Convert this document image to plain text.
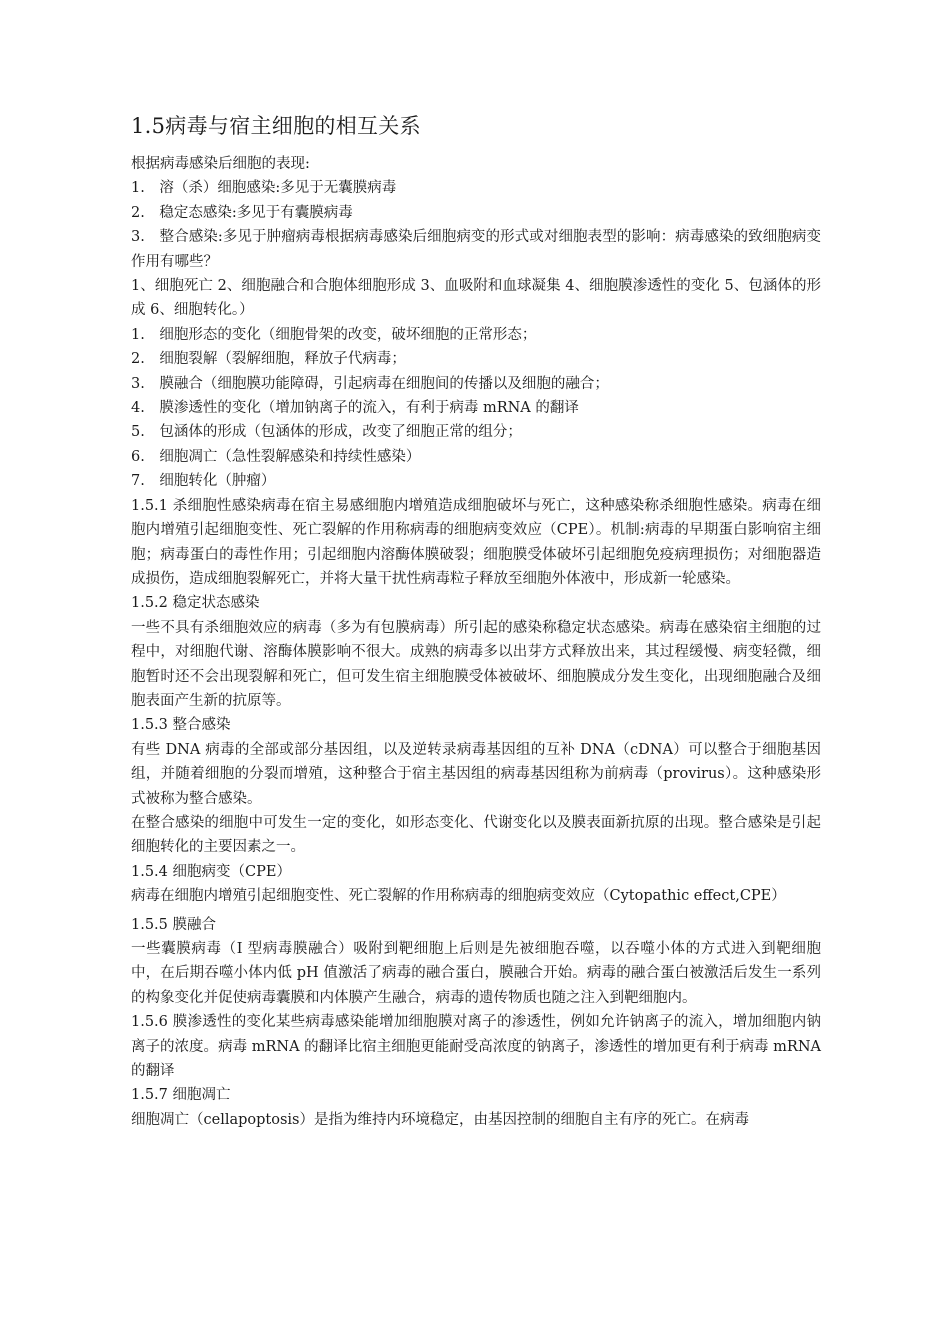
1.5病毒与宿主细胞的相互关系

根据病毒感染后细胞的表现:

1.　溶（杀）细胞感染:多见于无囊膜病毒

2.　稳定态感染:多见于有囊膜病毒

3.　整合感染:多见于肿瘤病毒根据病毒感染后细胞病变的形式或对细胞表型的影响：病毒感染的致细胞病变作用有哪些？

1、细胞死亡 2、细胞融合和合胞体细胞形成 3、血吸附和血球凝集 4、细胞膜渗透性的变化 5、包涵体的形成 6、细胞转化。）

1.　细胞形态的变化（细胞骨架的改变，破坏细胞的正常形态；

2.　细胞裂解（裂解细胞，释放子代病毒；

3.　膜融合（细胞膜功能障碍，引起病毒在细胞间的传播以及细胞的融合；

4.　膜渗透性的变化（增加钠离子的流入，有利于病毒 mRNA 的翻译

5.　包涵体的形成（包涵体的形成，改变了细胞正常的组分；

6.　细胞凋亡（急性裂解感染和持续性感染）

7.　细胞转化（肿瘤）

1.5.1 杀细胞性感染病毒在宿主易感细胞内增殖造成细胞破坏与死亡，这种感染称杀细胞性感染。病毒在细胞内增殖引起细胞变性、死亡裂解的作用称病毒的细胞病变效应（CPE）。机制:病毒的早期蛋白影响宿主细胞；病毒蛋白的毒性作用；引起细胞内溶酶体膜破裂；细胞膜受体破坏引起细胞免疫病理损伤；对细胞器造成损伤，造成细胞裂解死亡，并将大量干扰性病毒粒子释放至细胞外体液中，形成新一轮感染。

1.5.2 稳定状态感染

一些不具有杀细胞效应的病毒（多为有包膜病毒）所引起的感染称稳定状态感染。病毒在感染宿主细胞的过程中，对细胞代谢、溶酶体膜影响不很大。成熟的病毒多以出芽方式释放出来，其过程缓慢、病变轻微，细胞暂时还不会出现裂解和死亡，但可发生宿主细胞膜受体被破坏、细胞膜成分发生变化，出现细胞融合及细胞表面产生新的抗原等。

1.5.3 整合感染

有些 DNA 病毒的全部或部分基因组，以及逆转录病毒基因组的互补 DNA（cDNA）可以整合于细胞基因组，并随着细胞的分裂而增殖，这种整合于宿主基因组的病毒基因组称为前病毒（provirus）。这种感染形式被称为整合感染。

在整合感染的细胞中可发生一定的变化，如形态变化、代谢变化以及膜表面新抗原的出现。整合感染是引起细胞转化的主要因素之一。

1.5.4 细胞病变（CPE）

病毒在细胞内增殖引起细胞变性、死亡裂解的作用称病毒的细胞病变效应（Cytopathic effect,CPE）

1.5.5 膜融合

一些囊膜病毒（I 型病毒膜融合）吸附到靶细胞上后则是先被细胞吞噬，以吞噬小体的方式进入到靶细胞中，在后期吞噬小体内低 pH 值激活了病毒的融合蛋白，膜融合开始。病毒的融合蛋白被激活后发生一系列的构象变化并促使病毒囊膜和内体膜产生融合，病毒的遗传物质也随之注入到靶细胞内。

1.5.6 膜渗透性的变化某些病毒感染能增加细胞膜对离子的渗透性，例如允许钠离子的流入，增加细胞内钠离子的浓度。病毒 mRNA 的翻译比宿主细胞更能耐受高浓度的钠离子，渗透性的增加更有利于病毒 mRNA 的翻译

1.5.7 细胞凋亡

细胞凋亡（cellapoptosis）是指为维持内环境稳定，由基因控制的细胞自主有序的死亡。在病毒
